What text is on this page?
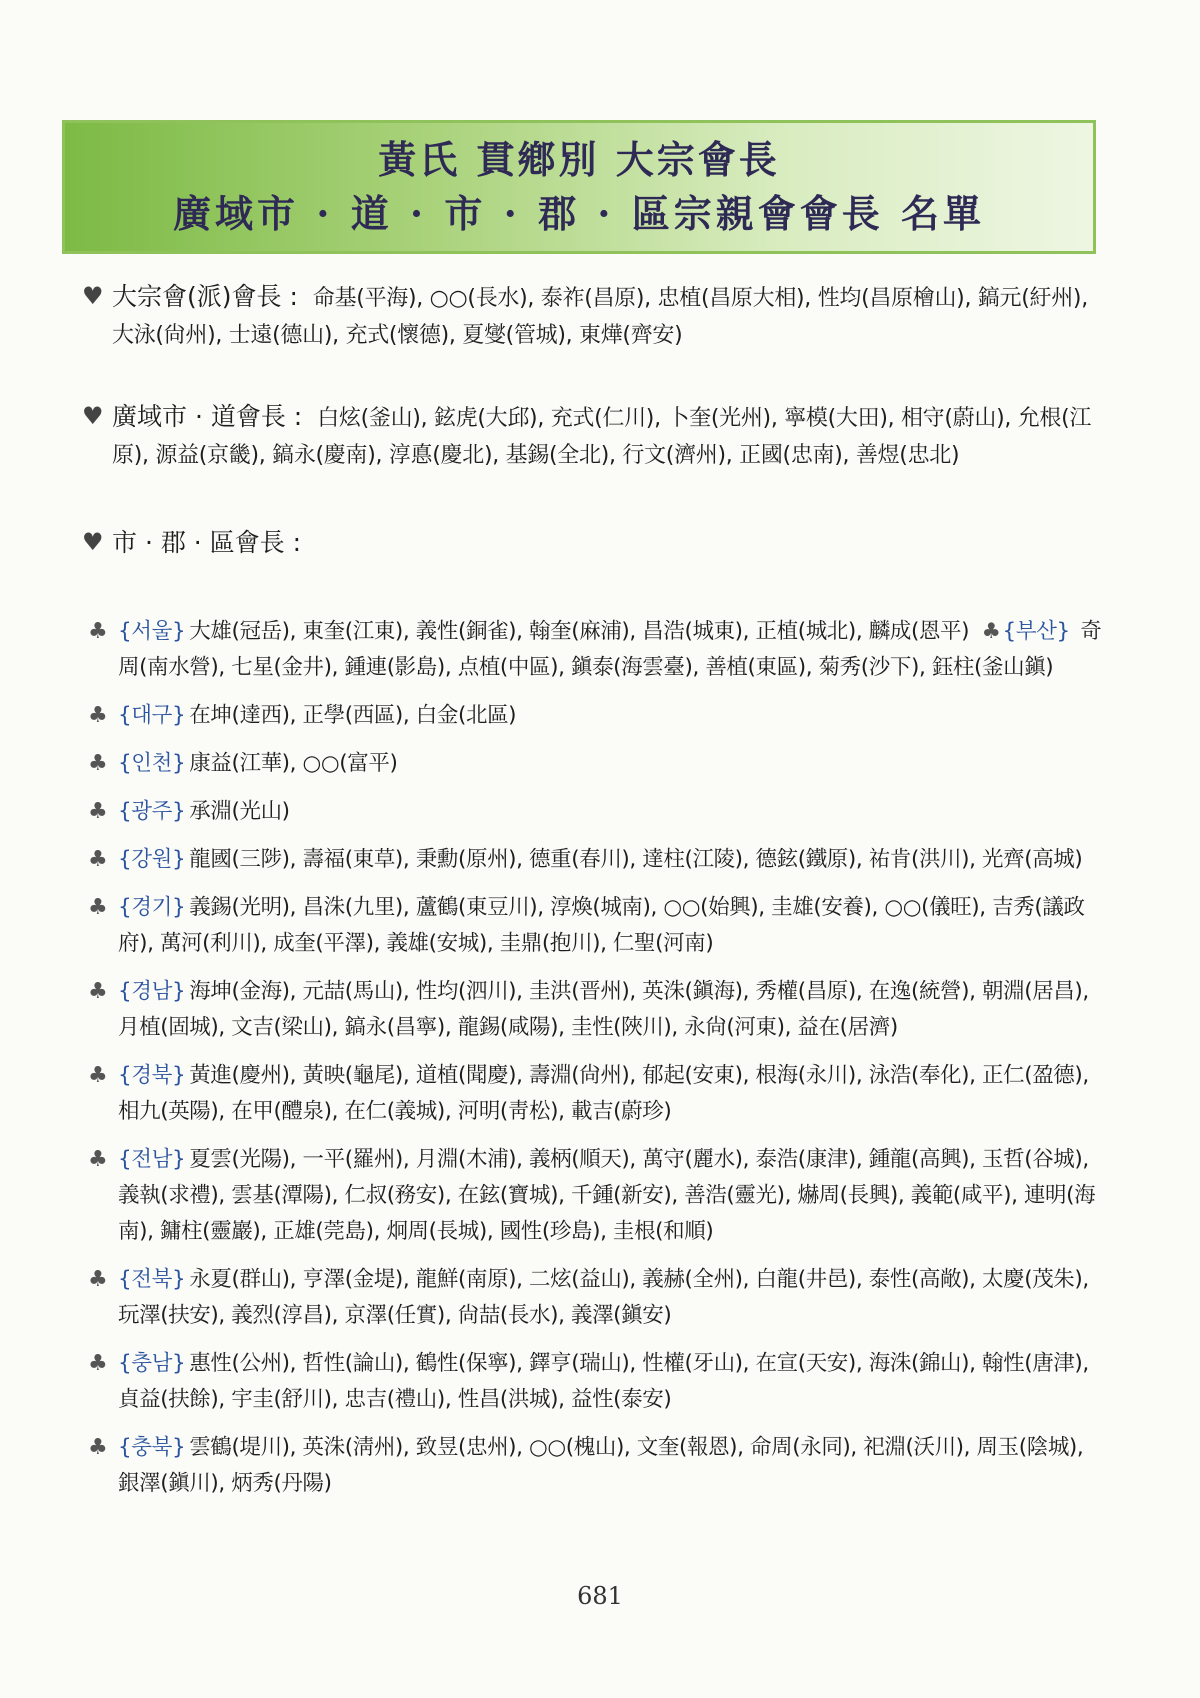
黃氏 貫鄕別 大宗會長
廣域市 · 道 · 市 · 郡 · 區宗親會會長 名單
♥ 大宗會(派)會長 : 命基(平海), ○○(長水), 泰祚(昌原), 忠植(昌原大相), 性均(昌原檜山), 鎬元(紆州), 大泳(尙州), 士遠(德山), 充式(懷德), 夏燮(管城), 東燁(齊安)
♥ 廣域市 · 道會長 : 白炫(釜山), 鉉虎(大邱), 充式(仁川), 卜奎(光州), 寧模(大田), 相守(蔚山), 允根(江原), 源益(京畿), 鎬永(慶南), 淳悳(慶北), 基錫(全北), 行文(濟州), 正國(忠南), 善煜(忠北)
♥ 市 · 郡 · 區會長 :
♣ {서울} 大雄(冠岳), 東奎(江東), 義性(銅雀), 翰奎(麻浦), 昌浩(城東), 正植(城北), 麟成(恩平) ♣{부산} 奇周(南水營), 七星(金井), 鍾連(影島), 点植(中區), 鎭泰(海雲臺), 善植(東區), 菊秀(沙下), 鈺柱(釜山鎭)
♣ {대구} 在坤(達西), 正學(西區), 白金(北區)
♣ {인천} 康益(江華), ○○(富平)
♣ {광주} 承淵(光山)
♣ {강원} 龍國(三陟), 壽福(東草), 秉勳(原州), 德重(春川), 達柱(江陵), 德鉉(鐵原), 祐肯(洪川), 光齊(高城)
♣ {경기} 義錫(光明), 昌洙(九里), 蘆鶴(東豆川), 淳煥(城南), ○○(始興), 圭雄(安養), ○○(儀旺), 吉秀(議政府), 萬河(利川), 成奎(平澤), 義雄(安城), 圭鼎(抱川), 仁聖(河南)
♣ {경남} 海坤(金海), 元喆(馬山), 性均(泗川), 圭洪(晋州), 英洙(鎭海), 秀權(昌原), 在逸(統營), 朝淵(居昌), 月植(固城), 文吉(梁山), 鎬永(昌寧), 龍錫(咸陽), 圭性(陜川), 永尙(河東), 益在(居濟)
♣ {경북} 黃進(慶州), 黃映(龜尾), 道植(聞慶), 壽淵(尙州), 郁起(安東), 根海(永川), 泳浩(奉化), 正仁(盈德), 相九(英陽), 在甲(醴泉), 在仁(義城), 河明(靑松), 載吉(蔚珍)
♣ {전남} 夏雲(光陽), 一平(羅州), 月淵(木浦), 義柄(順天), 萬守(麗水), 泰浩(康津), 鍾龍(高興), 玉哲(谷城), 義執(求禮), 雲基(潭陽), 仁叔(務安), 在鉉(寶城), 千鍾(新安), 善浩(靈光), 爀周(長興), 義範(咸平), 連明(海南), 鏞柱(靈巖), 正雄(莞島), 炯周(長城), 國性(珍島), 圭根(和順)
♣ {전북} 永夏(群山), 亨澤(金堤), 龍鮮(南原), 二炫(益山), 義赫(全州), 白龍(井邑), 泰性(高敞), 太慶(茂朱), 玩澤(扶安), 義烈(淳昌), 京澤(任實), 尙喆(長水), 義澤(鎭安)
♣ {충남} 惠性(公州), 哲性(論山), 鶴性(保寧), 鐸亨(瑞山), 性權(牙山), 在宣(天安), 海洙(錦山), 翰性(唐津), 貞益(扶餘), 宇圭(舒川), 忠吉(禮山), 性昌(洪城), 益性(泰安)
♣ {충북} 雲鶴(堤川), 英洙(淸州), 致昱(忠州), ○○(槐山), 文奎(報恩), 命周(永同), 祀淵(沃川), 周玉(陰城), 銀澤(鎭川), 炳秀(丹陽)
681
